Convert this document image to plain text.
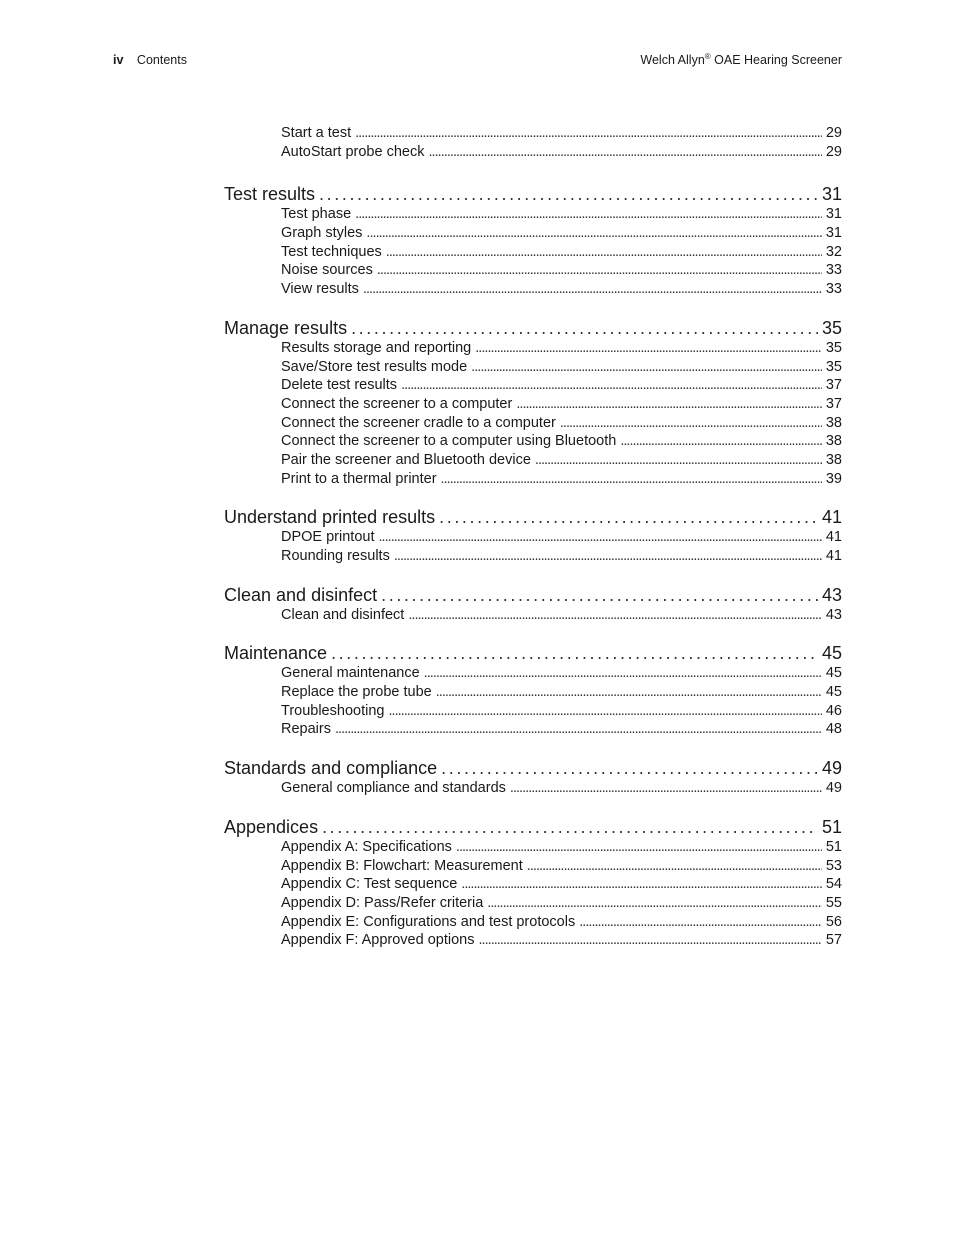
iv Contents	Welch Allyn® OAE Hearing Screener
Start a test . . .	29
AutoStart probe check . . .	29
Test results . . .	31
Test phase . . .	31
Graph styles . . .	31
Test techniques . . .	32
Noise sources . . .	33
View results . . .	33
Manage results . . .	35
Results storage and reporting . . .	35
Save/Store test results mode . . .	35
Delete test results . . .	37
Connect the screener to a computer . . .	37
Connect the screener cradle to a computer . . .	38
Connect the screener to a computer using Bluetooth . . .	38
Pair the screener and Bluetooth device . . .	38
Print to a thermal printer . . .	39
Understand printed results . . .	41
DPOE printout . . .	41
Rounding results . . .	41
Clean and disinfect . . .	43
Clean and disinfect . . .	43
Maintenance . . .	45
General maintenance . . .	45
Replace the probe tube . . .	45
Troubleshooting . . .	46
Repairs . . .	48
Standards and compliance . . .	49
General compliance and standards . . .	49
Appendices . . .	51
Appendix A: Specifications . . .	51
Appendix B: Flowchart: Measurement . . .	53
Appendix C: Test sequence . . .	54
Appendix D: Pass/Refer criteria . . .	55
Appendix E: Configurations and test protocols . . .	56
Appendix F: Approved options . . .	57
